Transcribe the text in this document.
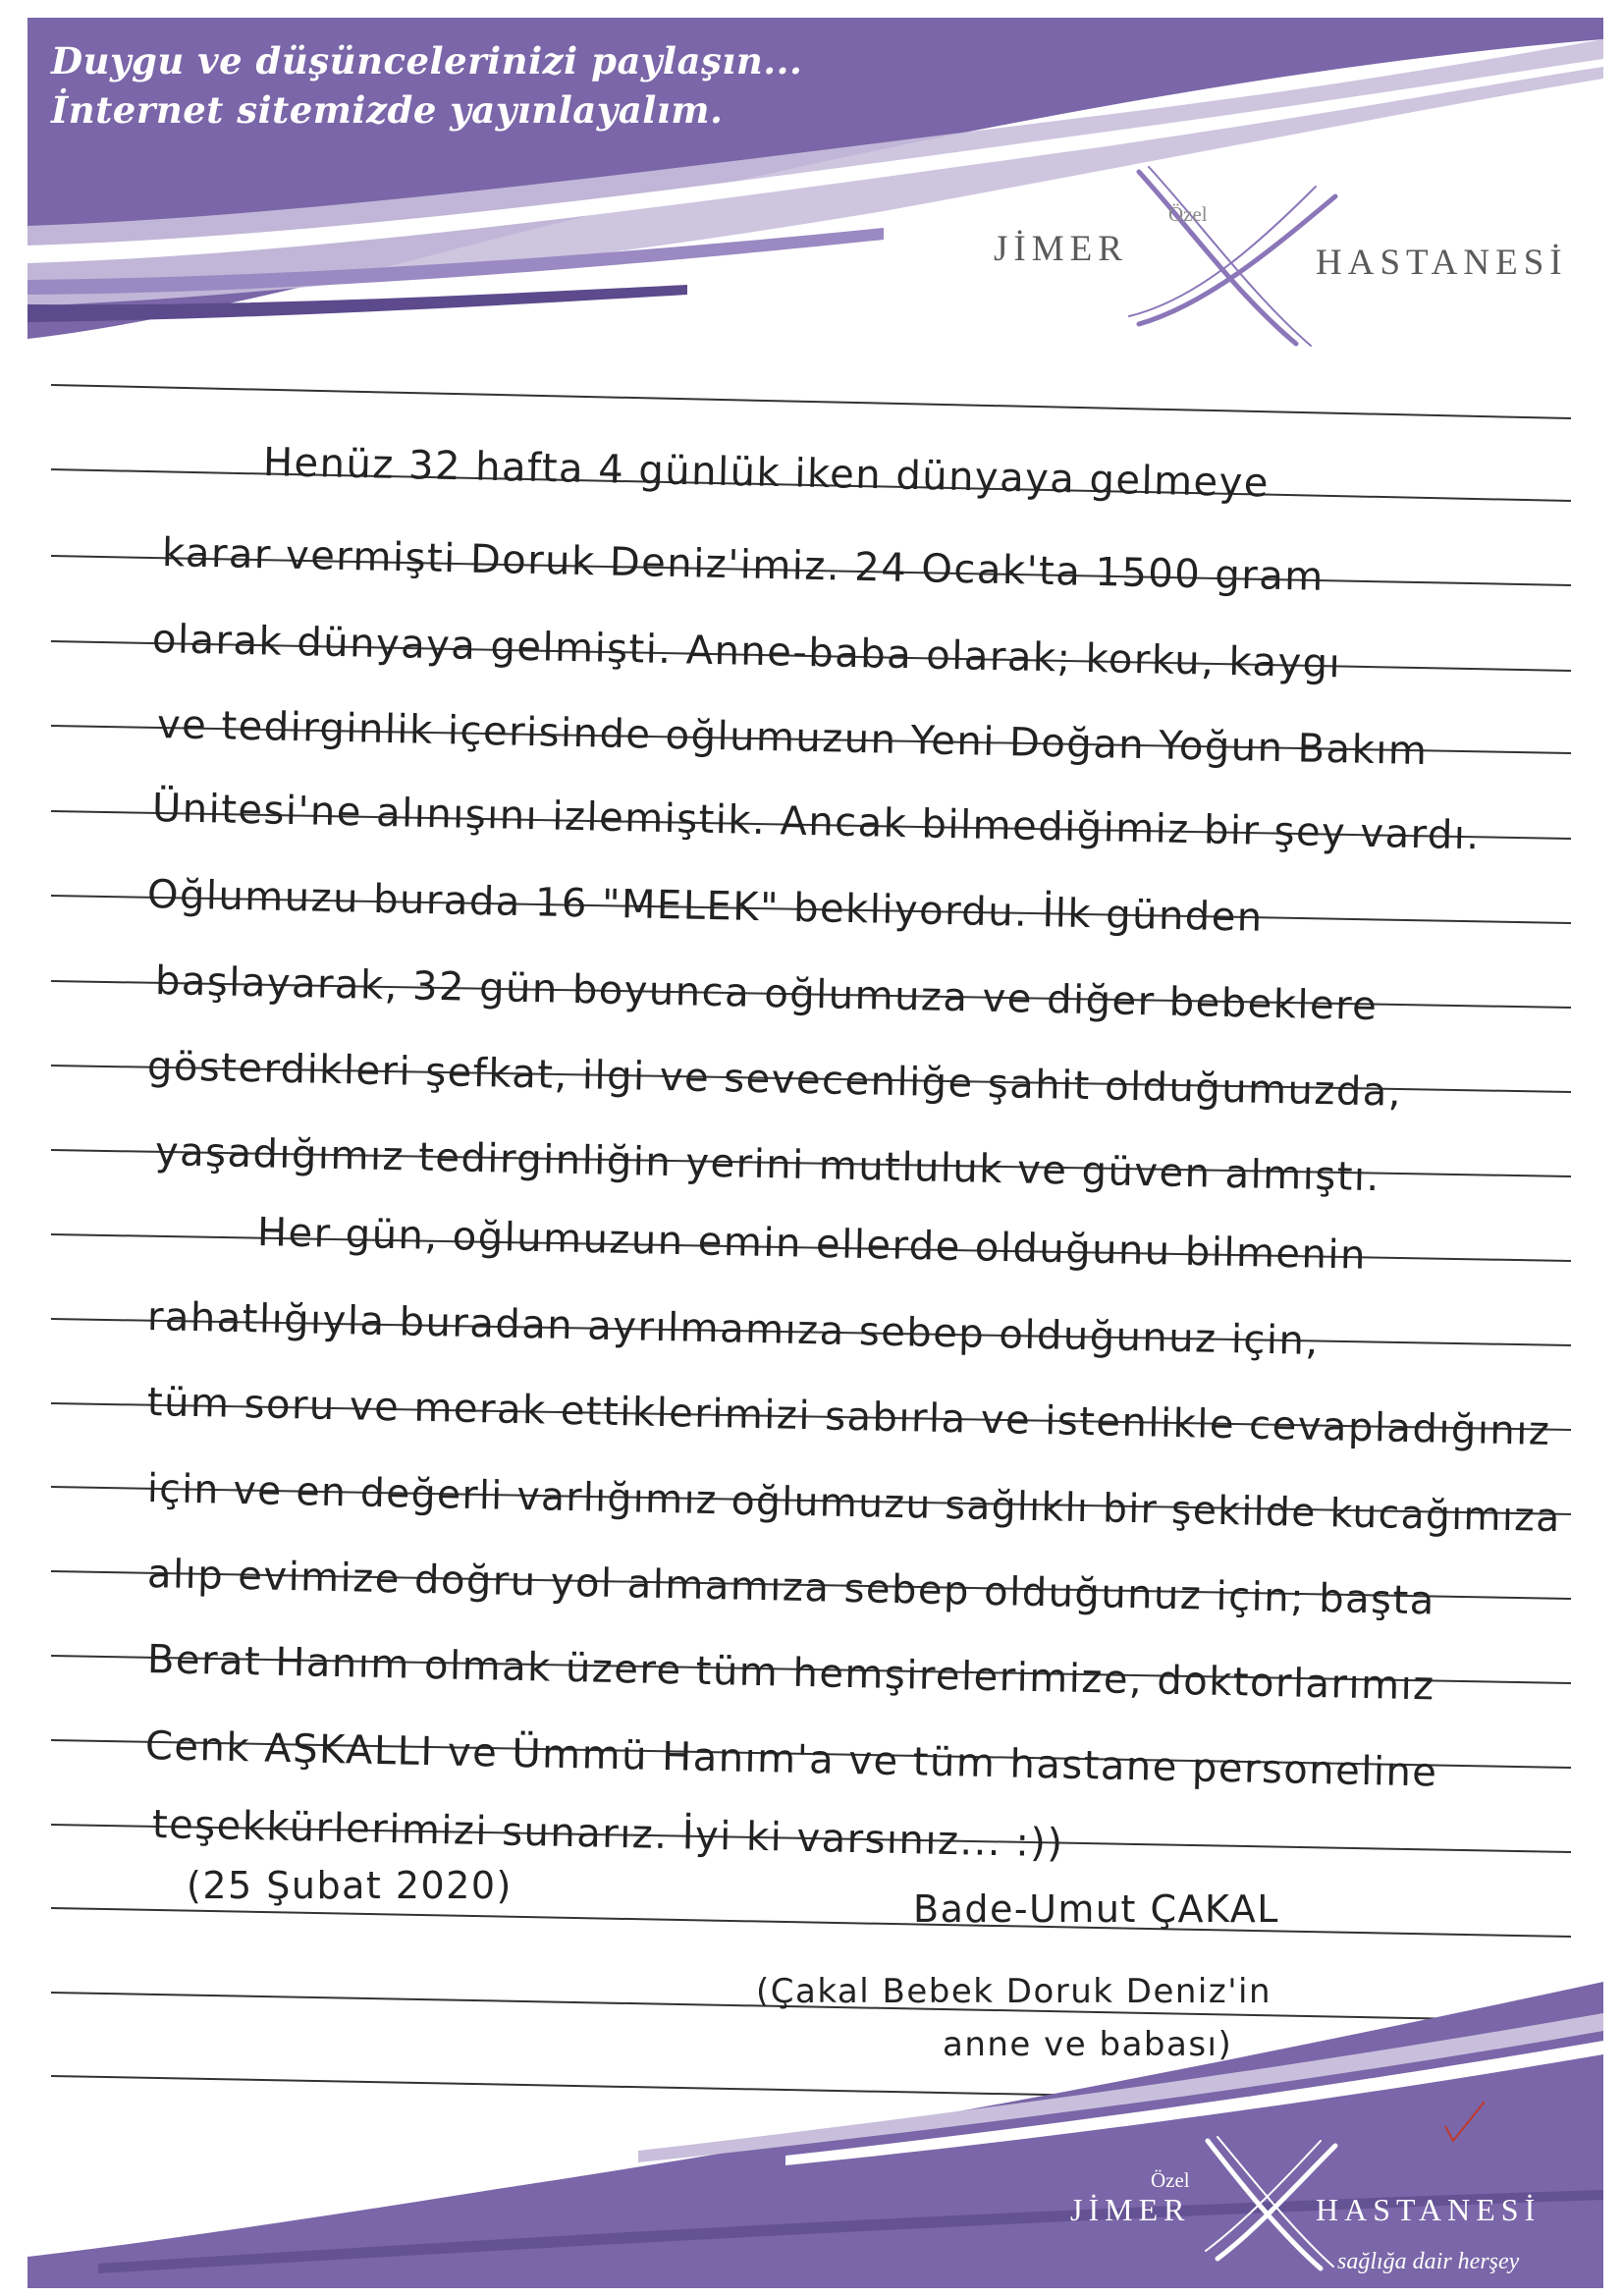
Duygu ve düşüncelerinizi paylaşın...
İnternet sitemizde yayınlayalım.
Özel
JİMER	HASTANESİ
Henüz 32 hafta 4 günlük iken dünyaya gelmeye
karar vermişti Doruk Deniz'imiz. 24 Ocak'ta 1500 gram
olarak dünyaya gelmişti. Anne-baba olarak; korku, kaygı
ve tedirginlik içerisinde oğlumuzun Yeni Doğan Yoğun Bakım
Ünitesi'ne alınışını izlemiştik. Ancak bilmediğimiz bir şey vardı.
Oğlumuzu burada 16 "MELEK" bekliyordu. İlk günden
başlayarak, 32 gün boyunca oğlumuza ve diğer bebeklere
gösterdikleri şefkat, ilgi ve sevecenliğe şahit olduğumuzda,
yaşadığımız tedirginliğin yerini mutluluk ve güven almıştı.
Her gün, oğlumuzun emin ellerde olduğunu bilmenin
rahatlığıyla buradan ayrılmamıza sebep olduğunuz için,
tüm soru ve merak ettiklerimizi sabırla ve istenlikle cevapladığınız
için ve en değerli varlığımız oğlumuzu sağlıklı bir şekilde kucağımıza
alıp evimize doğru yol almamıza sebep olduğunuz için; başta
Berat Hanım olmak üzere tüm hemşirelerimize, doktorlarımız
Cenk AŞKALLI ve Ümmü Hanım'a ve tüm hastane personeline
teşekkürlerimizi sunarız. İyi ki varsınız... :))
(25 Şubat 2020)
Bade-Umut ÇAKAL
(Çakal Bebek Doruk Deniz'in
anne ve babası)
Özel
JİMER	HASTANESİ
sağlığa dair herşey
